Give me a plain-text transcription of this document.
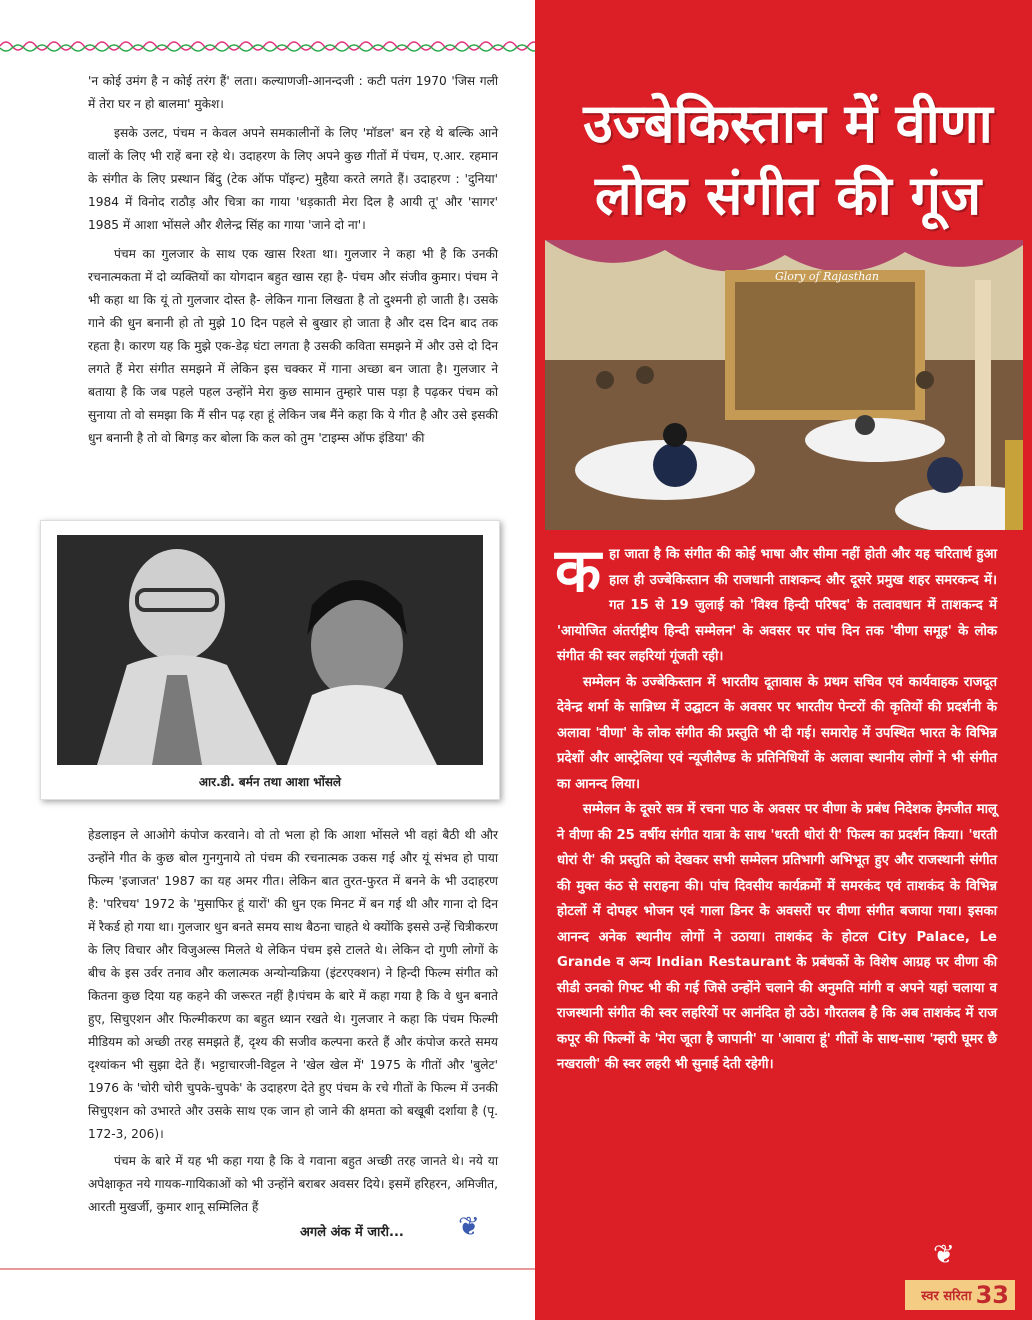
'न कोई उमंग है न कोई तरंग हैं' लता। कल्याणजी-आनन्दजी : कटी पतंग 1970 'जिस गली में तेरा घर न हो बालमा' मुकेश।

इसके उलट, पंचम न केवल अपने समकालीनों के लिए 'मॉडल' बन रहे थे बल्कि आने वालों के लिए भी राहें बना रहे थे। उदाहरण के लिए अपने कुछ गीतों में पंचम, ए.आर. रहमान के संगीत के लिए प्रस्थान बिंदु (टेक ऑफ पॉइन्ट) मुहैया करते लगते हैं। उदाहरण : 'दुनिया' 1984 में विनोद राठौड़ और चित्रा का गाया 'धड़काती मेरा दिल है आयी तू' और 'सागर' 1985 में आशा भोंसले और शैलेन्द्र सिंह का गाया 'जाने दो ना'।

पंचम का गुलजार के साथ एक खास रिश्ता था। गुलजार ने कहा भी है कि उनकी रचनात्मकता में दो व्यक्तियों का योगदान बहुत खास रहा है- पंचम और संजीव कुमार। पंचम ने भी कहा था कि यूं तो गुलजार दोस्त है- लेकिन गाना लिखता है तो दुश्मनी हो जाती है। उसके गाने की धुन बनानी हो तो मुझे 10 दिन पहले से बुखार हो जाता है और दस दिन बाद तक रहता है। कारण यह कि मुझे एक-डेढ़ घंटा लगता है उसकी कविता समझने में और उसे दो दिन लगते हैं मेरा संगीत समझने में लेकिन इस चक्कर में गाना अच्छा बन जाता है। गुलजार ने बताया है कि जब पहले पहल उन्होंने मेरा कुछ सामान तुम्हारे पास पड़ा है पढ़कर पंचम को सुनाया तो वो समझा कि मैं सीन पढ़ रहा हूं लेकिन जब मैंने कहा कि ये गीत है और उसे इसकी धुन बनानी है तो वो बिगड़ कर बोला कि कल को तुम 'टाइम्स ऑफ इंडिया' की

आर.डी. बर्मन तथा आशा भोंसले

हेडलाइन ले आओगे कंपोज करवाने। वो तो भला हो कि आशा भोंसले भी वहां बैठी थी और उन्होंने गीत के कुछ बोल गुनगुनाये तो पंचम की रचनात्मक उकस गई और यूं संभव हो पाया फिल्म 'इजाजत' 1987 का यह अमर गीत। लेकिन बात तुरत-फुरत में बनने के भी उदाहरण है: 'परिचय' 1972 के 'मुसाफिर हूं यारों' की धुन एक मिनट में बन गई थी और गाना दो दिन में रैकर्ड हो गया था। गुलजार धुन बनते समय साथ बैठना चाहते थे क्योंकि इससे उन्हें चित्रीकरण के लिए विचार और विजुअल्स मिलते थे लेकिन पंचम इसे टालते थे। लेकिन दो गुणी लोगों के बीच के इस उर्वर तनाव और कलात्मक अन्योन्यक्रिया (इंटरएक्शन) ने हिन्दी फिल्म संगीत को कितना कुछ दिया यह कहने की जरूरत नहीं है।पंचम के बारे में कहा गया है कि वे धुन बनाते हुए, सिचुएशन और फिल्मीकरण का बहुत ध्यान रखते थे। गुलजार ने कहा कि पंचम फिल्मी मीडियम को अच्छी तरह समझते हैं, दृश्य की सजीव कल्पना करते हैं और कंपोज करते समय दृश्यांकन भी सुझा देते हैं। भट्टाचारजी-विट्टल ने 'खेल खेल में' 1975 के गीतों और 'बुलेट' 1976 के 'चोरी चोरी चुपके-चुपके' के उदाहरण देते हुए पंचम के रचे गीतों के फिल्म में उनकी सिचुएशन को उभारते और उसके साथ एक जान हो जाने की क्षमता को बखूबी दर्शाया है (पृ. 172-3, 206)।

पंचम के बारे में यह भी कहा गया है कि वे गवाना बहुत अच्छी तरह जानते थे। नये या अपेक्षाकृत नये गायक-गायिकाओं को भी उन्होंने बराबर अवसर दिये। इसमें हरिहरन, अमिजीत, आरती मुखर्जी, कुमार शानू सम्मिलित हैं

अगले अंक में जारी... ❦
उज्बेकिस्तान में वीणा
लोक संगीत की गूंज
Glory of Rajasthan

कहा जाता है कि संगीत की कोई भाषा और सीमा नहीं होती और यह चरितार्थ हुआ हाल ही उज्बेकिस्तान की राजधानी ताशकन्द और दूसरे प्रमुख शहर समरकन्द में। गत 15 से 19 जुलाई को 'विश्व हिन्दी परिषद' के तत्वावधान में ताशकन्द में 'आयोजित अंतर्राष्ट्रीय हिन्दी सम्मेलन' के अवसर पर पांच दिन तक 'वीणा समूह' के लोक संगीत की स्वर लहरियां गूंजती रही।

सम्मेलन के उज्बेकिस्तान में भारतीय दूतावास के प्रथम सचिव एवं कार्यवाहक राजदूत देवेन्द्र शर्मा के सान्निध्य में उद्घाटन के अवसर पर भारतीय पेन्टरों की कृतियों की प्रदर्शनी के अलावा 'वीणा' के लोक संगीत की प्रस्तुति भी दी गई। समारोह में उपस्थित भारत के विभिन्न प्रदेशों और आस्ट्रेलिया एवं न्यूजीलैण्ड के प्रतिनिधियों के अलावा स्थानीय लोगों ने भी संगीत का आनन्द लिया।

सम्मेलन के दूसरे सत्र में रचना पाठ के अवसर पर वीणा के प्रबंध निदेशक हेमजीत मालू ने वीणा की 25 वर्षीय संगीत यात्रा के साथ 'धरती धोरां री' फिल्म का प्रदर्शन किया। 'धरती धोरां री' की प्रस्तुति को देखकर सभी सम्मेलन प्रतिभागी अभिभूत हुए और राजस्थानी संगीत की मुक्त कंठ से सराहना की। पांच दिवसीय कार्यक्रमों में समरकंद एवं ताशकंद के विभिन्न होटलों में दोपहर भोजन एवं गाला डिनर के अवसरों पर वीणा संगीत बजाया गया। इसका आनन्द अनेक स्थानीय लोगों ने उठाया। ताशकंद के होटल City Palace, Le Grande व अन्य Indian Restaurant के प्रबंधकों के विशेष आग्रह पर वीणा की सीडी उनको गिफ्ट भी की गई जिसे उन्होंने चलाने की अनुमति मांगी व अपने यहां चलाया व राजस्थानी संगीत की स्वर लहरियों पर आनंदित हो उठे। गौरतलब है कि अब ताशकंद में राज कपूर की फिल्मों के 'मेरा जूता है जापानी' या 'आवारा हूं' गीतों के साथ-साथ 'म्हारी घूमर छै नखराली' की स्वर लहरी भी सुनाई देती रहेगी।

❦
स्वर सरिता 33
